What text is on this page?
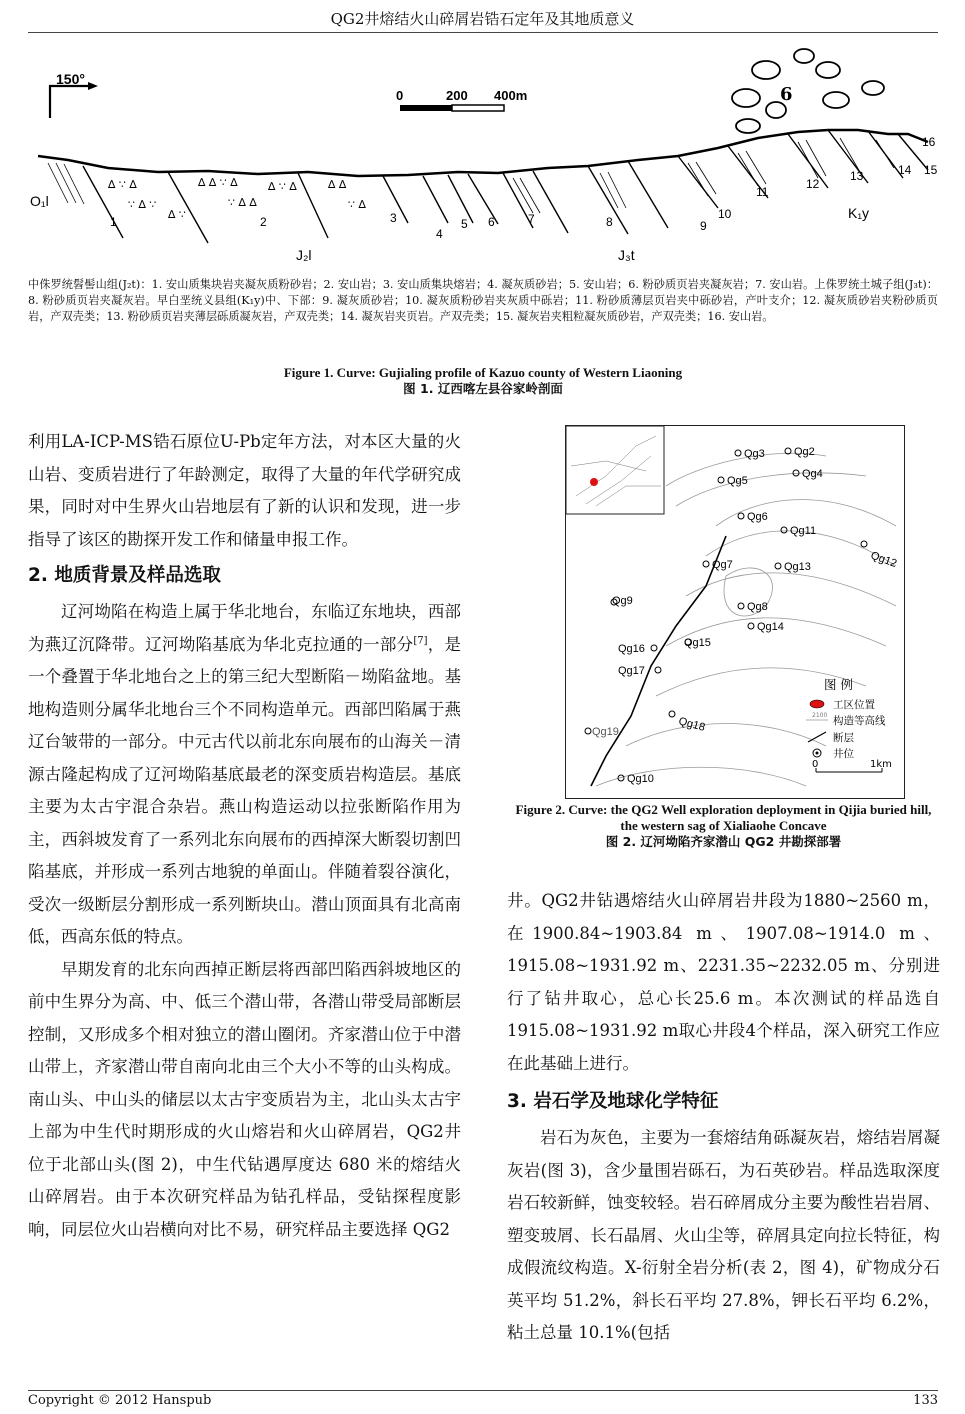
QG2井熔结火山碎屑岩锆石定年及其地质意义
150°
0	200 400m
∆ ∵ ∆
∵ ∆ ∵
∆ ∆ ∵ ∆
∵ ∆ ∆
∆ ∵ ∆	∆ ∆
∵ ∆
∆ ∵
6
O₁l
J₂l	J₃t
K₁y
1	2	3
4
5 6	7	8	9
10
11
12
13	14 15
16
中侏罗统髫髻山组(J₂t)：1. 安山质集块岩夹凝灰质粉砂岩；2. 安山岩；3. 安山质集块熔岩；4. 凝灰质砂岩；5. 安山岩；6. 粉砂质页岩夹凝灰岩；7. 安山岩。上侏罗统土城子组(J₃t)：8. 粉砂质页岩夹凝灰岩。早白垩统义县组(K₁y)中、下部：9. 凝灰质砂岩；10. 凝灰质粉砂岩夹灰质中砾岩；11. 粉砂质薄层页岩夹中砾砂岩，产叶支介；12. 凝灰质砂岩夹粉砂质页岩，产双壳类；13. 粉砂质页岩夹薄层砾质凝灰岩，产双壳类；14. 凝灰岩夹页岩。产双壳类；15. 凝灰岩夹粗粒凝灰质砂岩，产双壳类；16. 安山岩。
Figure 1. Curve: Gujialing profile of Kazuo county of Western Liaoning
图 1. 辽西喀左县谷家岭剖面

利用LA-ICP-MS锆石原位U-Pb定年方法，对本区大量的火山岩、变质岩进行了年龄测定，取得了大量的年代学研究成果，同时对中生界火山岩地层有了新的认识和发现，进一步指导了该区的勘探开发工作和储量申报工作。

2. 地质背景及样品选取

辽河坳陷在构造上属于华北地台，东临辽东地块，西部为燕辽沉降带。辽河坳陷基底为华北克拉通的一部分[7]，是一个叠置于华北地台之上的第三纪大型断陷－坳陷盆地。基地构造则分属华北地台三个不同构造单元。西部凹陷属于燕辽台皱带的一部分。中元古代以前北东向展布的山海关－清源古隆起构成了辽河坳陷基底最老的深变质岩构造层。基底主要为太古宇混合杂岩。燕山构造运动以拉张断陷作用为主，西斜坡发育了一系列北东向展布的西掉深大断裂切割凹陷基底，并形成一系列古地貌的单面山。伴随着裂谷演化，受次一级断层分割形成一系列断块山。潜山顶面具有北高南低，西高东低的特点。

早期发育的北东向西掉正断层将西部凹陷西斜坡地区的前中生界分为高、中、低三个潜山带，各潜山带受局部断层控制，又形成多个相对独立的潜山圈闭。齐家潜山位于中潜山带上，齐家潜山带自南向北由三个大小不等的山头构成。南山头、中山头的储层以太古宇变质岩为主，北山头太古宇上部为中生代时期形成的火山熔岩和火山碎屑岩，QG2井位于北部山头(图 2)，中生代钻遇厚度达 680 米的熔结火山碎屑岩。由于本次研究样品为钻孔样品，受钻探程度影响，同层位火山岩横向对比不易，研究样品主要选择 QG2

Qg3	Qg2
Qg5
Qg4
Qg6
Qg11
Qg12
Qg7	Qg13
Qg9	Qg8
Qg14
Qg16	Qg15
Qg17
Qg18
Qg19
Qg10
图 例
工区位置
2100 构造等高线
断层
井位
0	1km
Figure 2. Curve: the QG2 Well exploration deployment in Qijia buried hill, the western sag of Xialiaohe Concave
图 2. 辽河坳陷齐家潜山 QG2 井勘探部署

井。QG2井钻遇熔结火山碎屑岩井段为1880~2560 m，在1900.84~1903.84 m、1907.08~1914.0 m、1915.08~1931.92 m、2231.35~2232.05 m、分别进行了钻井取心，总心长25.6 m。本次测试的样品选自1915.08~1931.92 m取心井段4个样品，深入研究工作应在此基础上进行。

3. 岩石学及地球化学特征

岩石为灰色，主要为一套熔结角砾凝灰岩，熔结岩屑凝灰岩(图 3)，含少量围岩砾石，为石英砂岩。样品选取深度岩石较新鲜，蚀变较轻。岩石碎屑成分主要为酸性岩岩屑、塑变玻屑、长石晶屑、火山尘等，碎屑具定向拉长特征，构成假流纹构造。X-衍射全岩分析(表 2，图 4)，矿物成分石英平均 51.2%，斜长石平均 27.8%，钾长石平均 6.2%，粘土总量 10.1%(包括

Copyright © 2012 Hanspub	133
